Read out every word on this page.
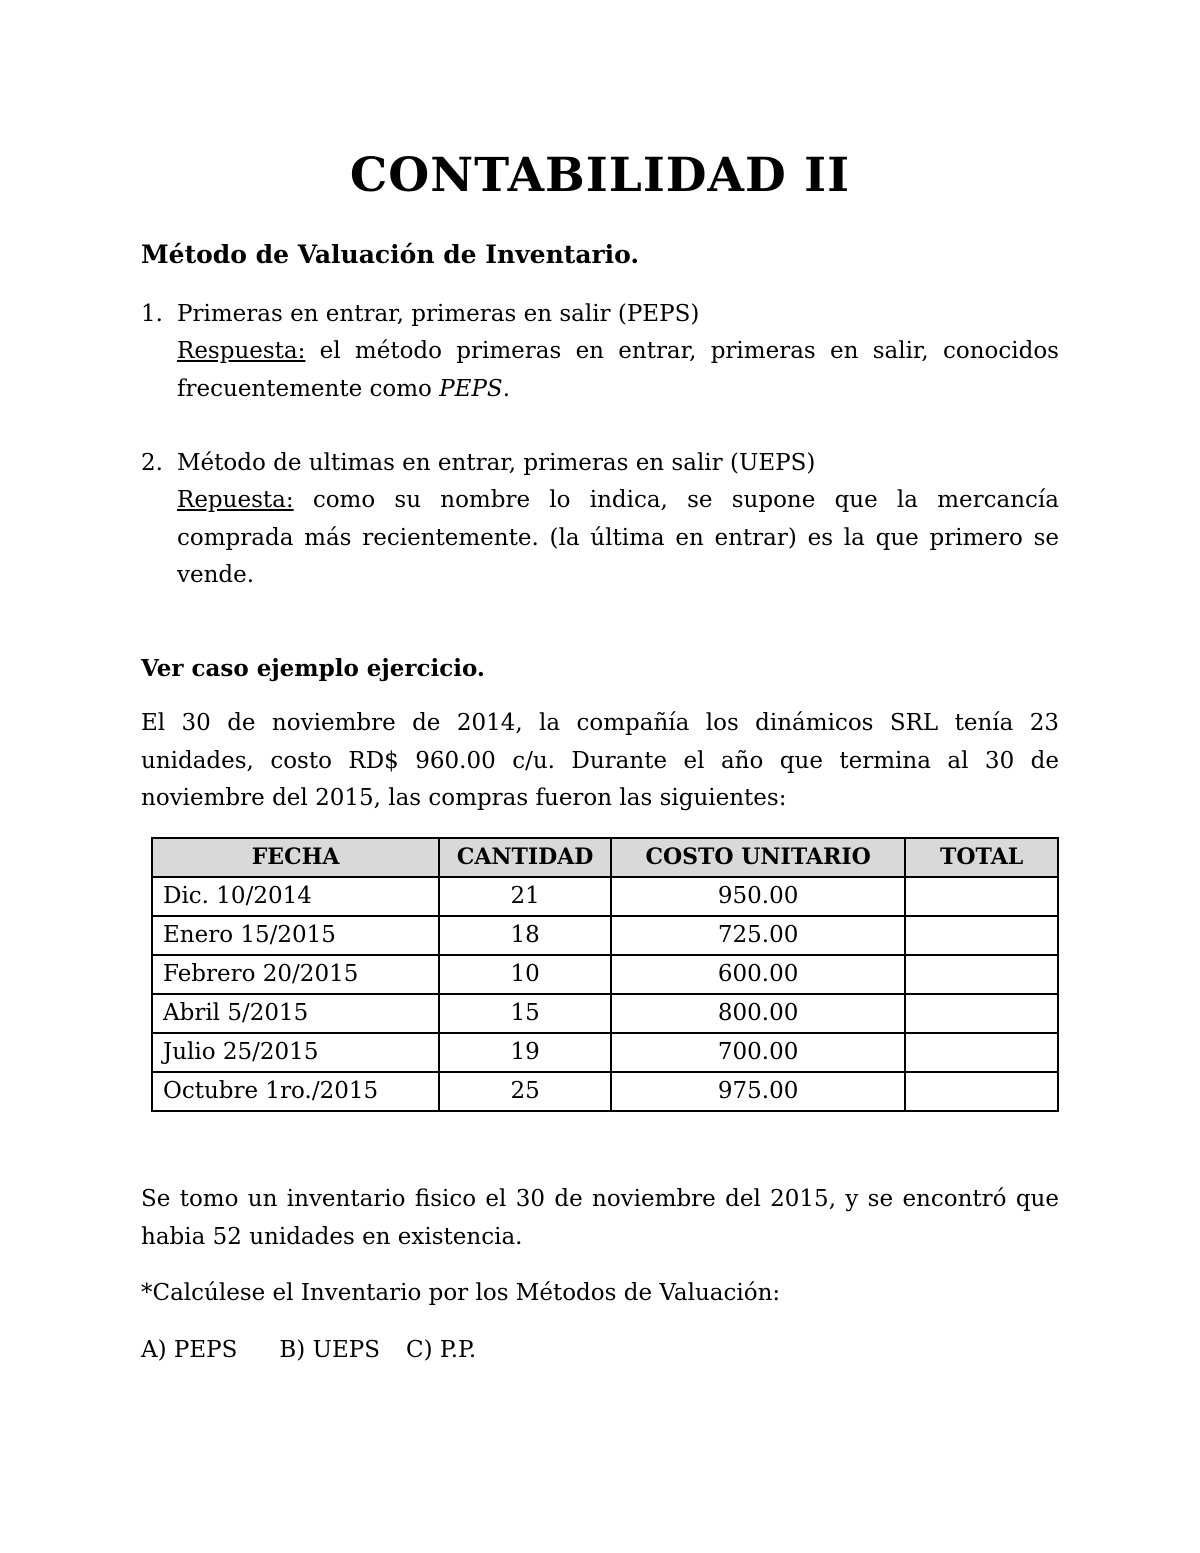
CONTABILIDAD II
Método de Valuación de Inventario.
1. Primeras en entrar, primeras en salir (PEPS)
Respuesta: el método primeras en entrar, primeras en salir, conocidos frecuentemente como PEPS.
2. Método de ultimas en entrar, primeras en salir (UEPS)
Repuesta: como su nombre lo indica, se supone que la mercancía comprada más recientemente. (la última en entrar) es la que primero se vende.
Ver caso ejemplo ejercicio.
El 30 de noviembre de 2014, la compañía los dinámicos SRL tenía 23 unidades, costo RD$ 960.00 c/u. Durante el año que termina al 30 de noviembre del 2015, las compras fueron las siguientes:
FECHA	CANTIDAD	COSTO UNITARIO	TOTAL
Dic. 10/2014	21	950.00	
Enero 15/2015	18	725.00	
Febrero 20/2015	10	600.00	
Abril 5/2015	15	800.00	
Julio 25/2015	19	700.00	
Octubre 1ro./2015	25	975.00	
Se tomo un inventario fisico el 30 de noviembre del 2015, y se encontró que habia 52 unidades en existencia.
*Calcúlese el Inventario por los Métodos de Valuación:
A) PEPS B) UEPS C) P.P.
